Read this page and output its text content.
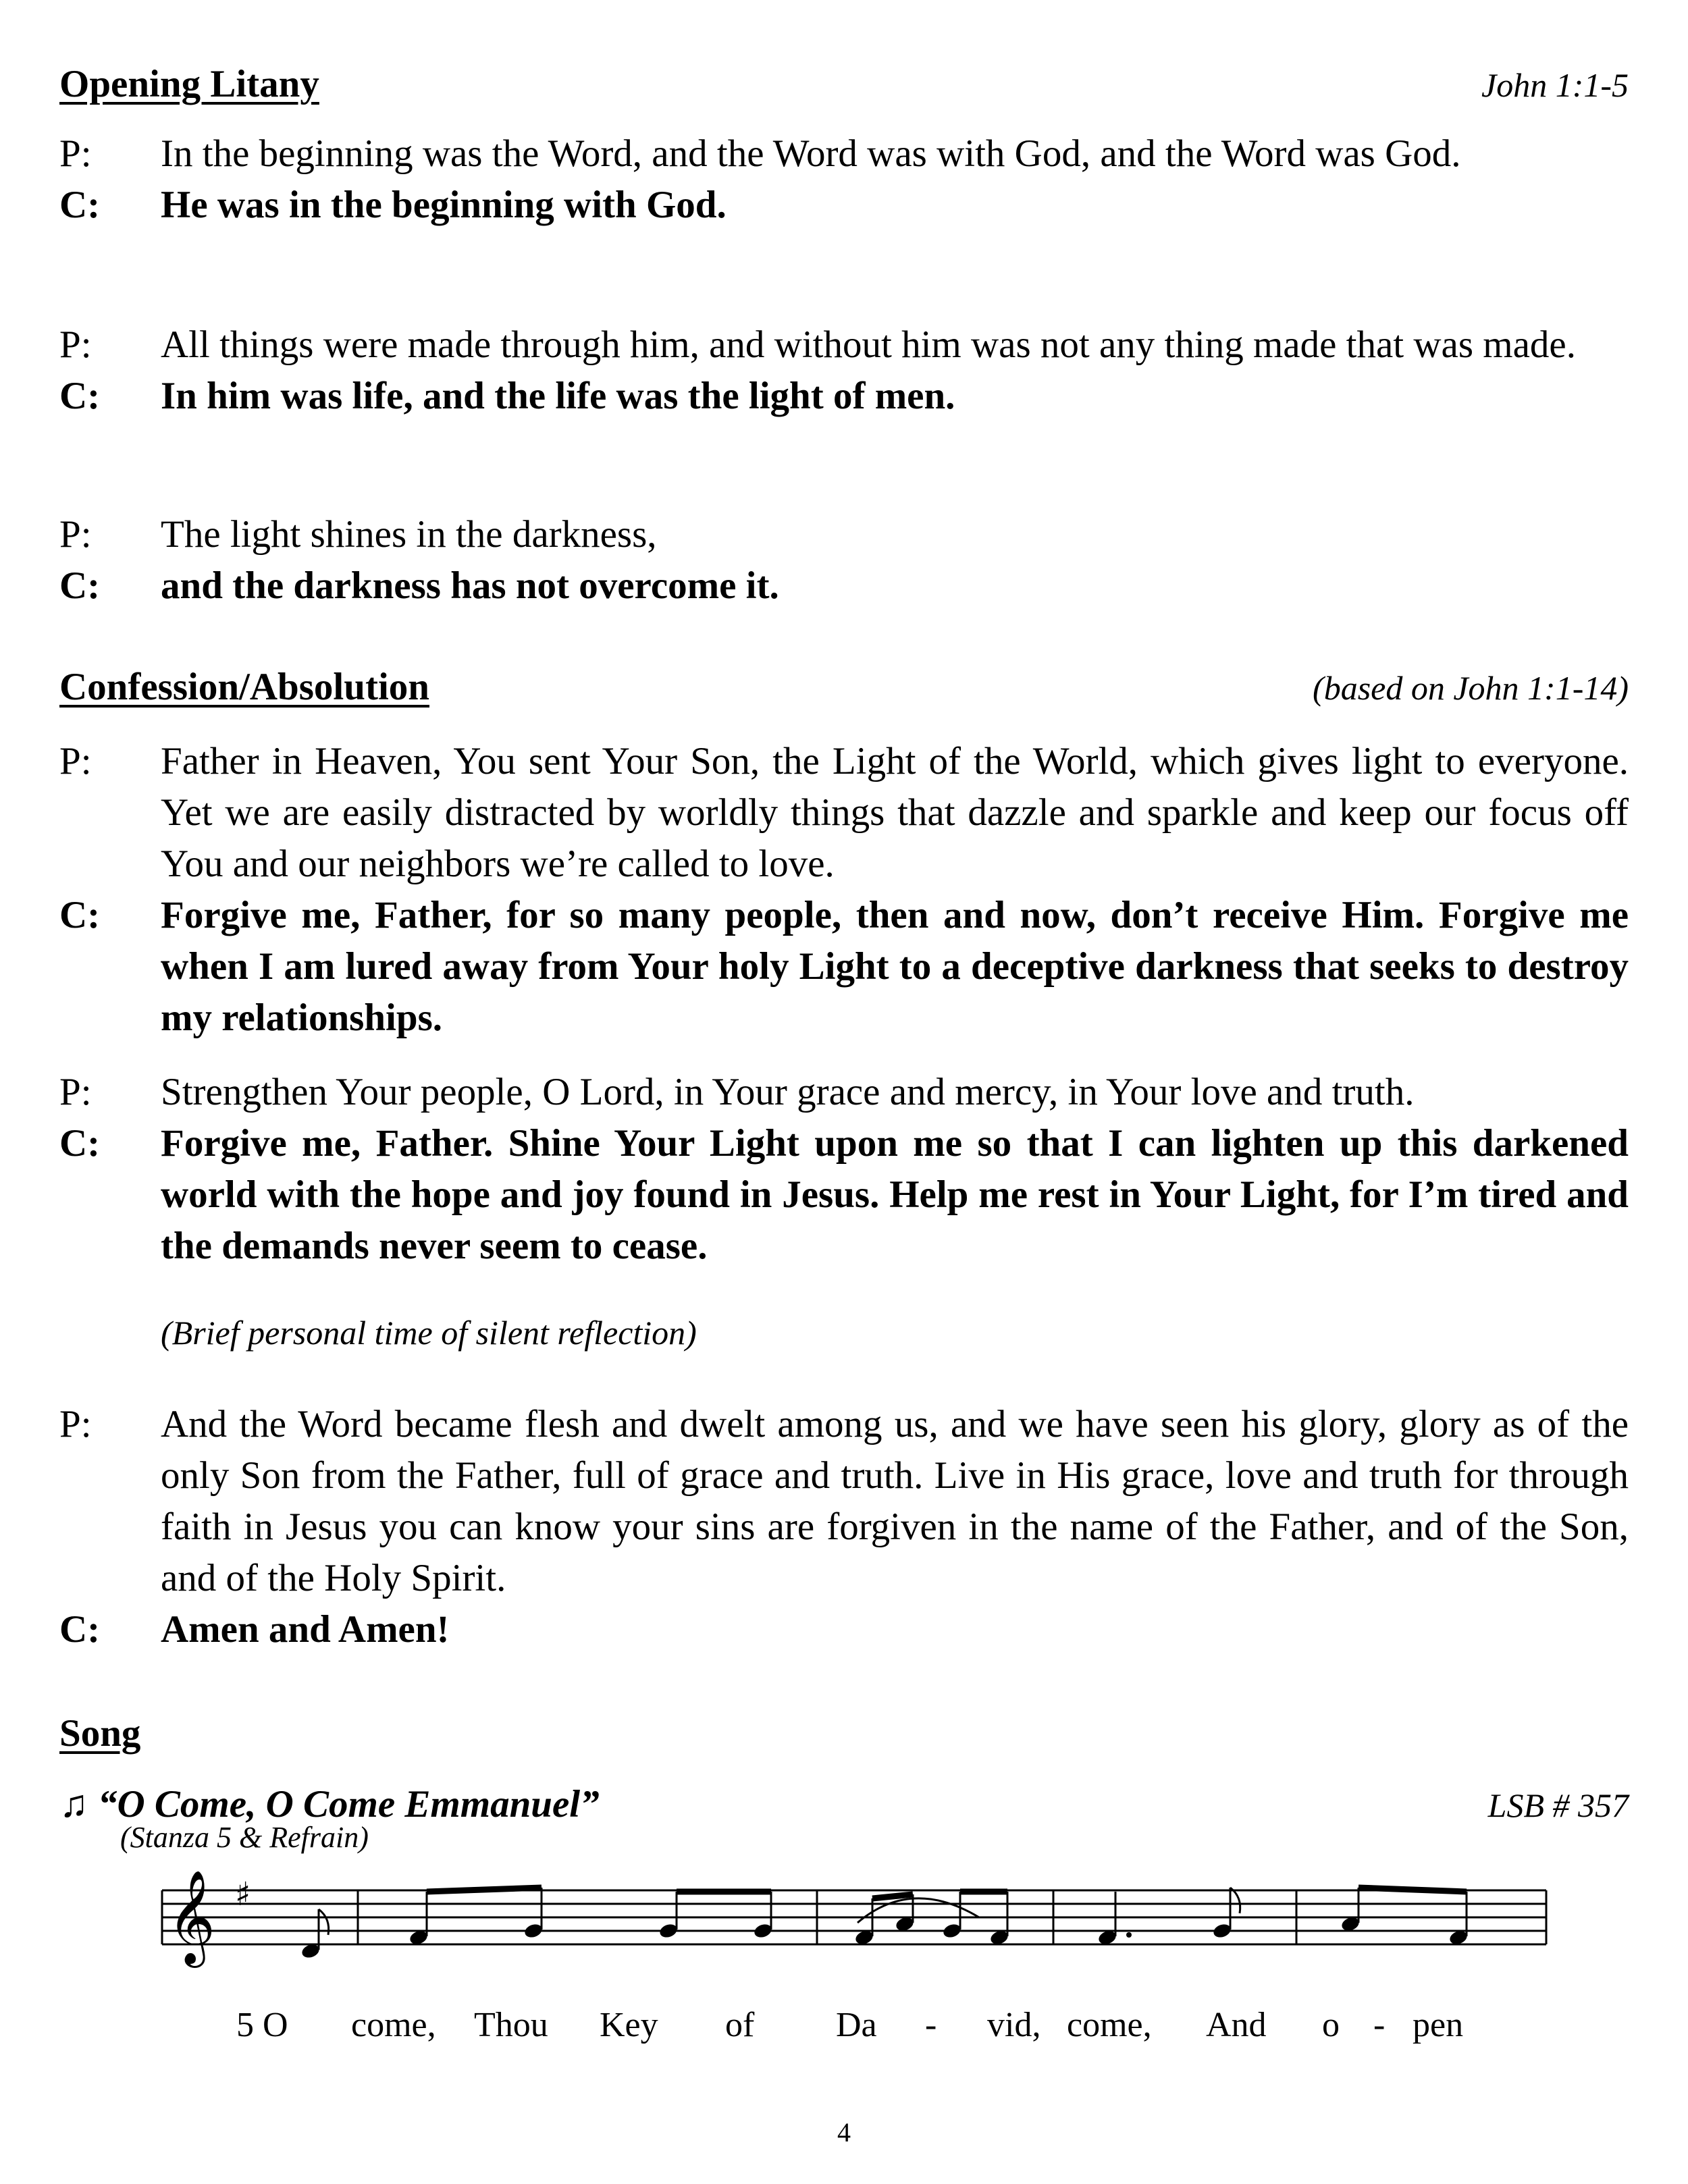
Opening Litany	John 1:1-5
P:	In the beginning was the Word, and the Word was with God, and the Word was God.
C:	He was in the beginning with God.
P:	All things were made through him, and without him was not any thing made that was made.
C:	In him was life, and the life was the light of men.
P:	The light shines in the darkness,
C:	and the darkness has not overcome it.
Confession/Absolution	(based on John 1:1-14)
P:	Father in Heaven, You sent Your Son, the Light of the World, which gives light to everyone. Yet we are easily distracted by worldly things that dazzle and sparkle and keep our focus off You and our neighbors we’re called to love.
C:	Forgive me, Father, for so many people, then and now, don’t receive Him. Forgive me when I am lured away from Your holy Light to a deceptive darkness that seeks to destroy my relationships.
P:	Strengthen Your people, O Lord, in Your grace and mercy, in Your love and truth.
C:	Forgive me, Father. Shine Your Light upon me so that I can lighten up this darkened world with the hope and joy found in Jesus. Help me rest in Your Light, for I’m tired and the demands never seem to cease.
(Brief personal time of silent reflection)
P:	And the Word became flesh and dwelt among us, and we have seen his glory, glory as of the only Son from the Father, full of grace and truth. Live in His grace, love and truth for through faith in Jesus you can know your sins are forgiven in the name of the Father, and of the Son, and of the Holy Spirit.
C:	Amen and Amen!
Song
♫ “O Come, O Come Emmanuel”	LSB # 357
(Stanza 5 & Refrain)
𝄞 ♯
5 O come, Thou Key of Da - vid, come, And o - pen
4
